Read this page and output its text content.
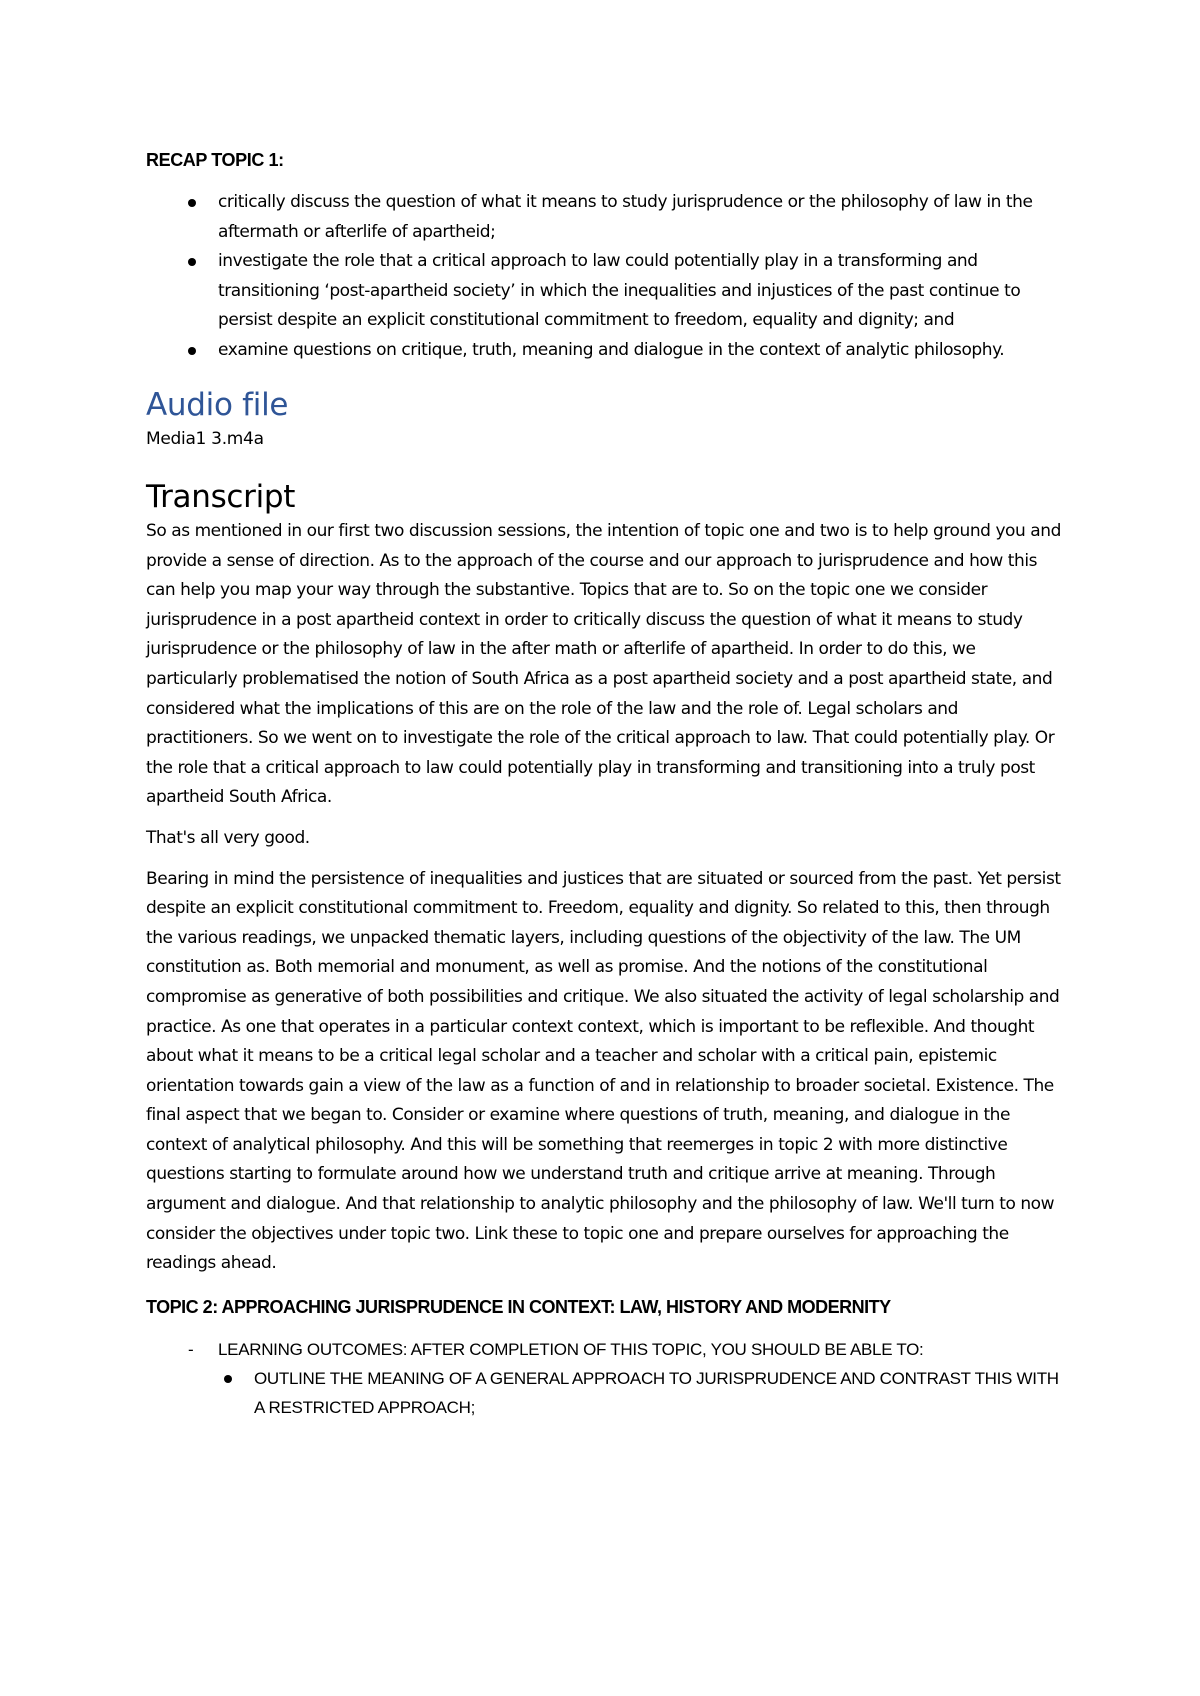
RECAP TOPIC 1:

critically discuss the question of what it means to study jurisprudence or the philosophy of law in the aftermath or afterlife of apartheid;
investigate the role that a critical approach to law could potentially play in a transforming and transitioning ‘post-apartheid society’ in which the inequalities and injustices of the past continue to persist despite an explicit constitutional commitment to freedom, equality and dignity; and
examine questions on critique, truth, meaning and dialogue in the context of analytic philosophy.
Audio file

Media1 3.m4a

Transcript

So as mentioned in our first two discussion sessions, the intention of topic one and two is to help ground you and provide a sense of direction. As to the approach of the course and our approach to jurisprudence and how this can help you map your way through the substantive. Topics that are to. So on the topic one we consider jurisprudence in a post apartheid context in order to critically discuss the question of what it means to study jurisprudence or the philosophy of law in the after math or afterlife of apartheid. In order to do this, we particularly problematised the notion of South Africa as a post apartheid society and a post apartheid state, and considered what the implications of this are on the role of the law and the role of. Legal scholars and practitioners. So we went on to investigate the role of the critical approach to law. That could potentially play. Or the role that a critical approach to law could potentially play in transforming and transitioning into a truly post apartheid South Africa.

That's all very good.

Bearing in mind the persistence of inequalities and justices that are situated or sourced from the past. Yet persist despite an explicit constitutional commitment to. Freedom, equality and dignity. So related to this, then through the various readings, we unpacked thematic layers, including questions of the objectivity of the law. The UM constitution as. Both memorial and monument, as well as promise. And the notions of the constitutional compromise as generative of both possibilities and critique. We also situated the activity of legal scholarship and practice. As one that operates in a particular context context, which is important to be reflexible. And thought about what it means to be a critical legal scholar and a teacher and scholar with a critical pain, epistemic orientation towards gain a view of the law as a function of and in relationship to broader societal. Existence. The final aspect that we began to. Consider or examine where questions of truth, meaning, and dialogue in the context of analytical philosophy. And this will be something that reemerges in topic 2 with more distinctive questions starting to formulate around how we understand truth and critique arrive at meaning. Through argument and dialogue. And that relationship to analytic philosophy and the philosophy of law. We'll turn to now consider the objectives under topic two. Link these to topic one and prepare ourselves for approaching the readings ahead.

TOPIC 2: APPROACHING JURISPRUDENCE IN CONTEXT: LAW, HISTORY AND MODERNITY

- LEARNING OUTCOMES: AFTER COMPLETION OF THIS TOPIC, YOU SHOULD BE ABLE TO:
OUTLINE THE MEANING OF A GENERAL APPROACH TO JURISPRUDENCE AND CONTRAST THIS WITH A RESTRICTED APPROACH;
